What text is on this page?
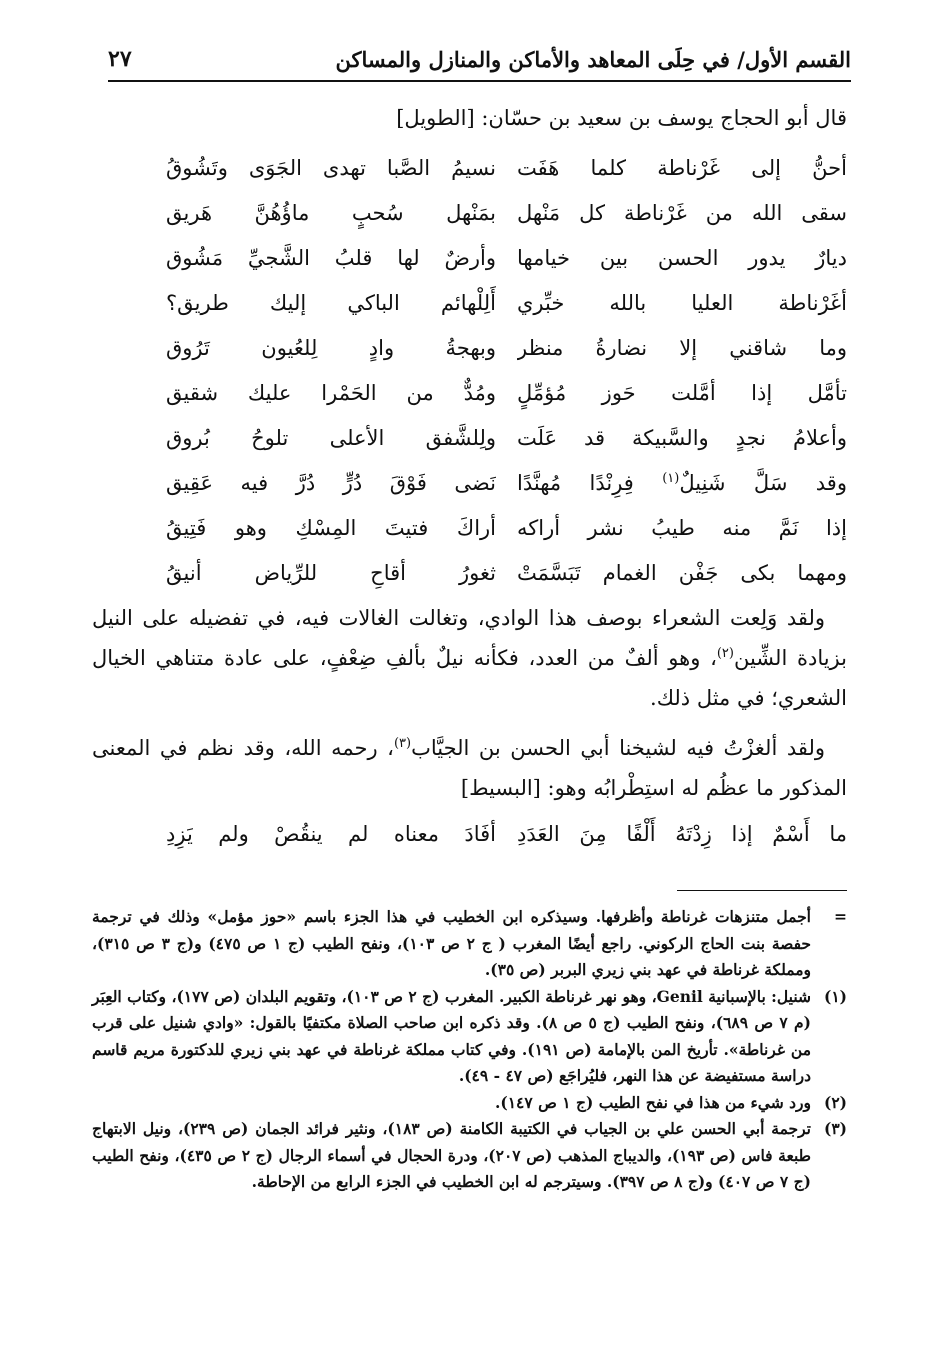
القسم الأول/ في حِلَى المعاهد والأماكن والمنازل والمساكن
٢٧
قال أبو الحجاج يوسف بن سعيد بن حسّان: [الطويل]
أحنُّ إلى غَرْناطة كلما هَفَت
نسيمُ الصَّبا تهدى الجَوَى وتَشُوقُ
سقى الله من غَرْناطة كل مَنْهل
بمَنْهل سُحبٍ ماؤُهُنَّ هَريق
ديارٌ يدور الحسن بين خيامها
وأرضٌ لها قلبُ الشَّجيِّ مَشُوق
أغَرْناطة العليا بالله خبِّري
أَلِلْهائم الباكي إليك طريق؟
وما شاقني إلا نضارةُ منظر
وبهجةُ وادٍ لِلعُيون تَرُوق
تأمَّل إذا أمَّلت حَوز مُؤمِّلٍ
ومُدٌّ من الحَمْرا عليك شقيق
وأعلامُ نجدٍ والسَّبيكة قد عَلَت
ولِلشَّفق الأعلى تلوحُ بُروق
وقد سَلَّ شَنِيلٌ$^{(١)}$ فِرِنْدًا مُهنَّدًا
نَضى فَوْقَ دُرٍّ دُرَّ فيه عَقِيق
إذا نَمَّ منه طيبُ نشر أراكه
أراكَ فتيتَ المِسْكِ وهو فَتِيقُ
ومهما بكى جَفْن الغمام تَبَسَّمَتْ
ثغورُ أقاحِ للرِّياض أنيقُ

ولقد وَلِعت الشعراء بوصف هذا الوادي، وتغالت الغالات فيه، في تفضيله على النيل بزيادة الشِّين$^{(٢)}$، وهو ألفٌ من العدد، فكأنه نيلٌ بألفِ ضِعْفٍ، على عادة متناهي الخيال الشعري؛ في مثل ذلك.

ولقد ألغزْتُ فيه لشيخنا أبي الحسن بن الجيَّاب$^{(٣)}$، رحمه الله، وقد نظم في المعنى المذكور ما عظُم له استِطْرابُه وهو: [البسيط]

ما أَسْمٌ إذا زِدْتَهُ أَلْفًا مِنَ العَدَدِ
أفَادَ معناه لم ينقُصْ ولم يَزِدِ
=
أجمل متنزهات غرناطة وأظرفها. وسيذكره ابن الخطيب في هذا الجزء باسم «حوز مؤمل» وذلك في ترجمة حفصة بنت الحاج الركوني. راجع أيضًا المغرب ( ج ٢ ص ١٠٣)، ونفح الطيب (ج ١ ص ٤٧٥) و(ج ٣ ص ٣١٥)، ومملكة غرناطة في عهد بني زيري البربر (ص ٣٥).
(١)
شنيل: بالإسبانية Genil، وهو نهر غرناطة الكبير. المغرب (ج ٢ ص ١٠٣)، وتقويم البلدان (ص ١٧٧)، وكتاب العِبَر (م ٧ ص ٦٨٩)، ونفح الطيب (ج ٥ ص ٨). وقد ذكره ابن صاحب الصلاة مكتفيًا بالقول: «وادي شنيل على قرب من غرناطة». تأريخ المن بالإمامة (ص ١٩١). وفي كتاب مملكة غرناطة في عهد بني زيري للدكتورة مريم قاسم دراسة مستفيضة عن هذا النهر، فليُراجَع (ص ٤٧ - ٤٩).
(٢)
ورد شيء من هذا في نفح الطيب (ج ١ ص ١٤٧).
(٣)
ترجمة أبي الحسن علي بن الجياب في الكتيبة الكامنة (ص ١٨٣)، ونثير فرائد الجمان (ص ٢٣٩)، ونيل الابتهاج طبعة فاس (ص ١٩٣)، والديباج المذهب (ص ٢٠٧)، ودرة الحجال في أسماء الرجال (ج ٢ ص ٤٣٥)، ونفح الطيب (ج ٧ ص ٤٠٧) و(ج ٨ ص ٣٩٧). وسيترجم له ابن الخطيب في الجزء الرابع من الإحاطة.
